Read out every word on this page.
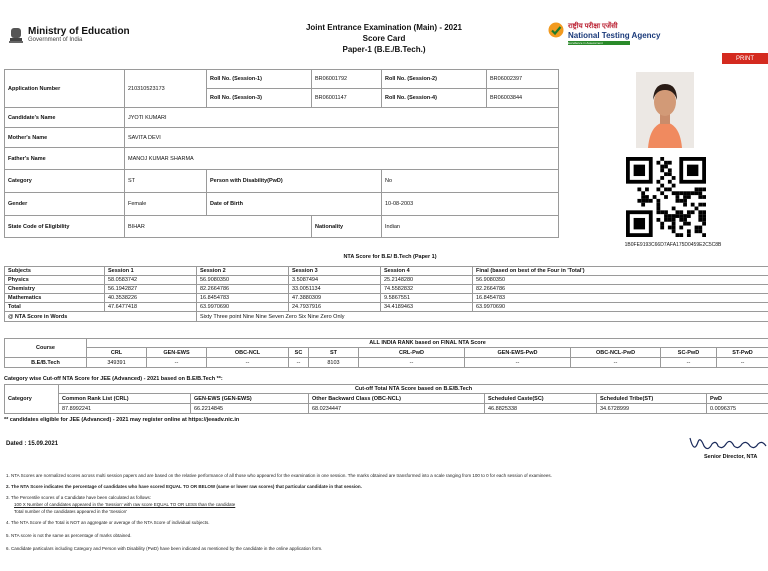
Ministry of Education
Government of India
Joint Entrance Examination (Main) - 2021
Score Card
Paper-1 (B.E./B.Tech.)
राष्ट्रीय परीक्षा एजेंसी
National Testing Agency
Excellence in Assessment
PRINT
Application Number	210310523173	Roll No. (Session-1)	BR06001792	Roll No. (Session-2)	BR06002397
		Roll No. (Session-3)	BR06001147	Roll No. (Session-4)	BR06003844
Candidate's Name	JYOTI KUMARI				
Mother's Name	SAVITA DEVI				
Father's Name	MANOJ KUMAR SHARMA				
Category	ST	Person with Disability(PwD)		No	
Gender	Female	Date of Birth		10-08-2003	
State Code of Eligibility	BIHAR		Nationality	Indian	
1B0FE9193C66D7AFA175D0459E2C5C8B
NTA Score for B.E/ B.Tech (Paper 1)
Subjects	Session 1	Session 2	Session 3	Session 4	Final (based on best of the Four in 'Total')
Physics	58.0583742	56.9080350	3.5087494	25.2148280	56.9080350
Chemistry	56.1942827	82.2664786	33.0051134	74.5582832	82.2664786
Mathematics	40.3538226	16.8454783	47.3880309	9.5867551	16.8454783
Total	47.6477418	63.9970690	24.7937916	34.4189463	63.9970690
@ NTA Score in Words		Sixty Three point Nine Nine Seven Zero Six Nine Zero Only			
Course	ALL INDIA RANK based on FINAL NTA Score									
	CRL	GEN-EWS	OBC-NCL	SC	ST	CRL-PwD	GEN-EWS-PwD	OBC-NCL-PwD	SC-PwD	ST-PwD
B.E/B.Tech	349391	--	--	--	8103	--	--	--	--	--
Category wise Cut-off NTA Score for JEE (Advanced) - 2021 based on B.E/B.Tech **:
Category	Cut-off Total NTA Score based on B.E/B.Tech					
	Common Rank List (CRL)	GEN-EWS (GEN-EWS)	Other Backward Class (OBC-NCL)	Scheduled Caste(SC)	Scheduled Tribe(ST)	PwD
	87.8992241	66.2214845	68.0234447	46.8825338	34.6728999	0.0096375
** candidates eligible for JEE (Advanced) - 2021 may register online at https://jeeadv.nic.in
Dated : 15.09.2021
Senior Director, NTA
1. NTA Scores are normalized scores across multi session papers and are based on the relative performance of all those who appeared for the examination in one session. The marks obtained are transformed into a scale ranging from 100 to 0 for each session of examinees.
2. The NTA Score indicates the percentage of candidates who have scored EQUAL TO OR BELOW (same or lower raw scores) that particular candidate in that session.
3. The Percentile scores of a Candidate have been calculated as follows:
100 X Number of candidates appeared in the 'Session' with raw score EQUAL TO OR LESS than the candidate
Total number of the candidates appeared in the 'Session'
4. The NTA Score of the Total is NOT an aggregate or average of the NTA Score of individual subjects.
5. NTA score is not the same as percentage of marks obtained.
6. Candidate particulars including Category and Person with Disability (PwD) have been indicated as mentioned by the candidate in the online application form.
